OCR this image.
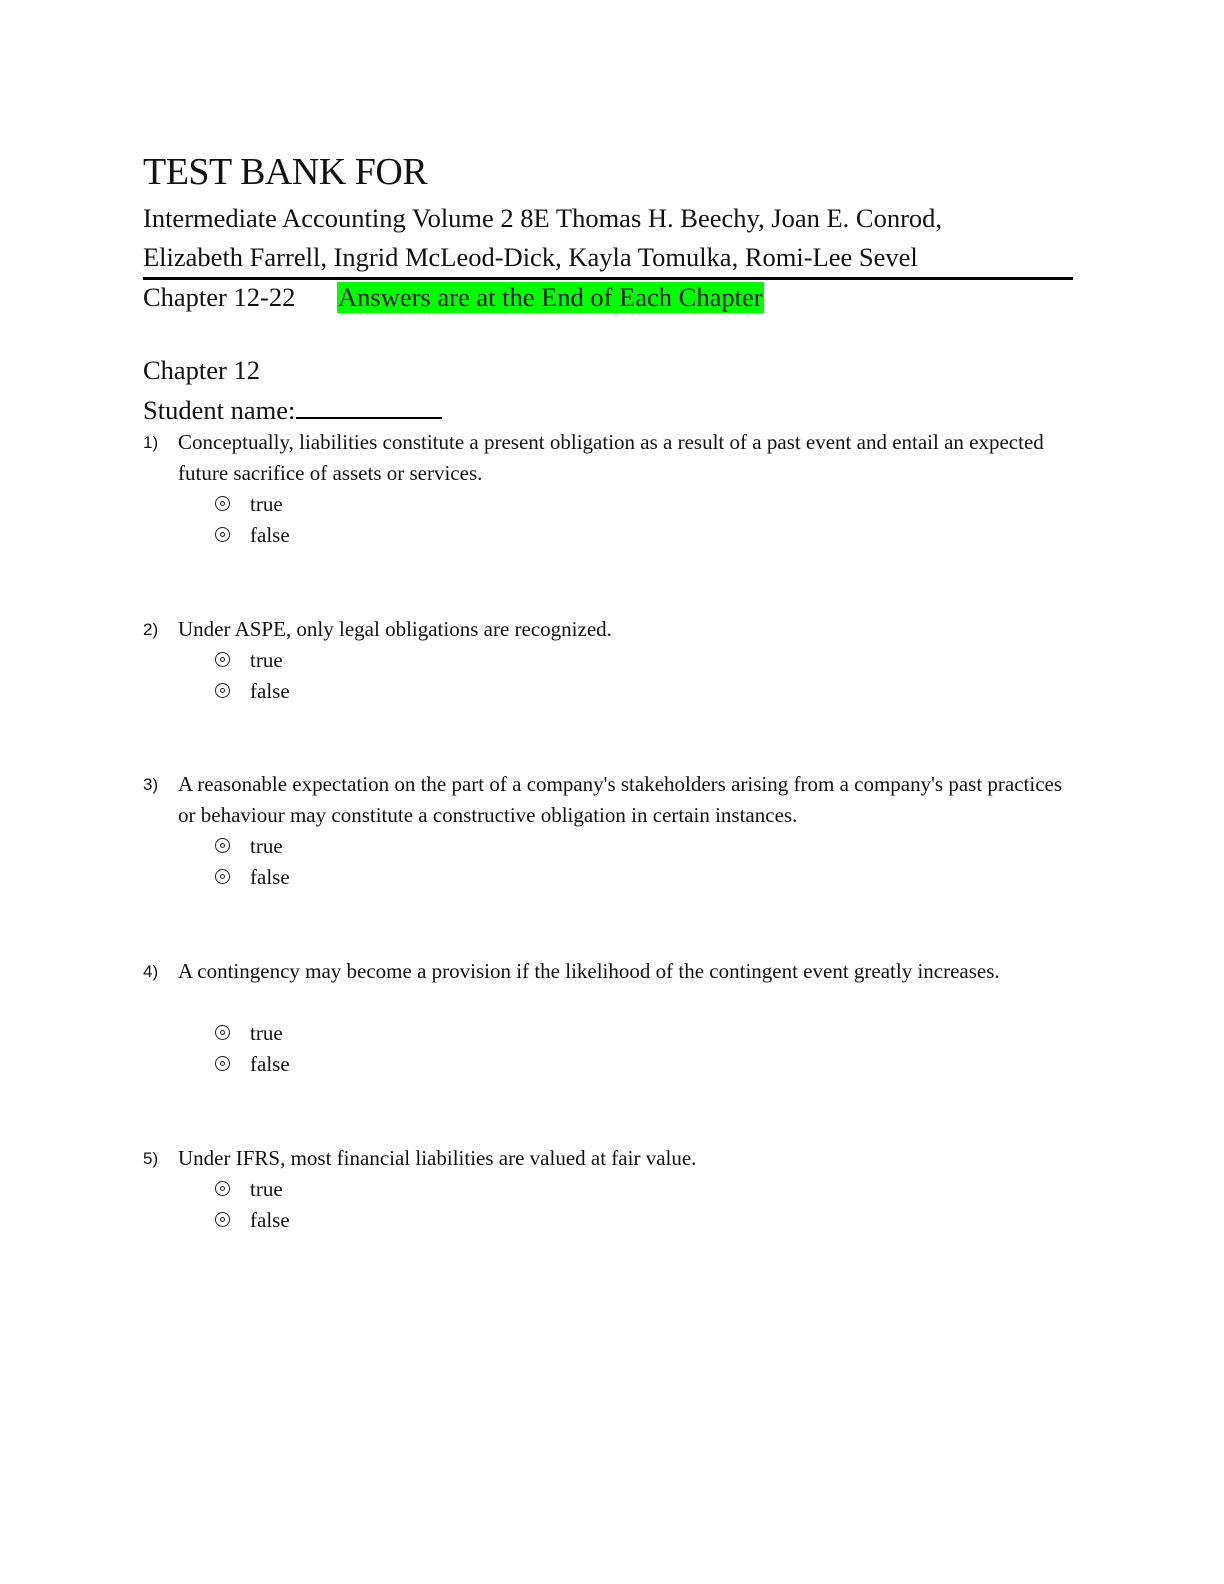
TEST BANK FOR
Intermediate Accounting Volume 2 8E Thomas H. Beechy, Joan E. Conrod,
Elizabeth Farrell, Ingrid McLeod-Dick, Kayla Tomulka, Romi-Lee Sevel
Chapter 12-22 Answers are at the End of Each Chapter
Chapter 12
Student name:
1) Conceptually, liabilities constitute a present obligation as a result of a past event and entail an expected future sacrifice of assets or services.
true
false
2) Under ASPE, only legal obligations are recognized.
true
false
3) A reasonable expectation on the part of a company's stakeholders arising from a company's past practices or behaviour may constitute a constructive obligation in certain instances.
true
false
4) A contingency may become a provision if the likelihood of the contingent event greatly increases.
true
false
5) Under IFRS, most financial liabilities are valued at fair value.
true
false
